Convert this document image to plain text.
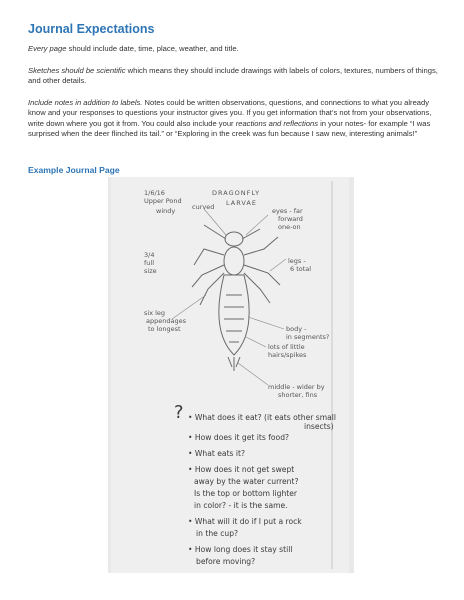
Journal Expectations
Every page should include date, time, place, weather, and title.
Sketches should be scientific which means they should include drawings with labels of colors, textures, numbers of things, and other details.
Include notes in addition to labels. Notes could be written observations, questions, and connections to what you already know and your responses to questions your instructor gives you. If you get information that’s not from your observations, write down where you got it from. You could also include your reactions and reflections in your notes- for example “I was surprised when the deer flinched its tail.” or “Exploring in the creek was fun because I saw new, interesting animals!”
Example Journal Page
1/6/16
Upper Pond
windy
DRAGONFLY
LARVAE
curved	eyes - far
forward
one-on
3/4
full
size
legs -
6 total
six leg
appendages
to longest	body -
in segments?
lots of little
hairs/spikes
middle - wider by
shorter, fins
? • What does it eat? (it eats other small
insects)
• How does it get its food?
• What eats it?
• How does it not get swept
away by the water current?
Is the top or bottom lighter
in color? - it is the same.
• What will it do if I put a rock
in the cup?
• How long does it stay still
before moving?
